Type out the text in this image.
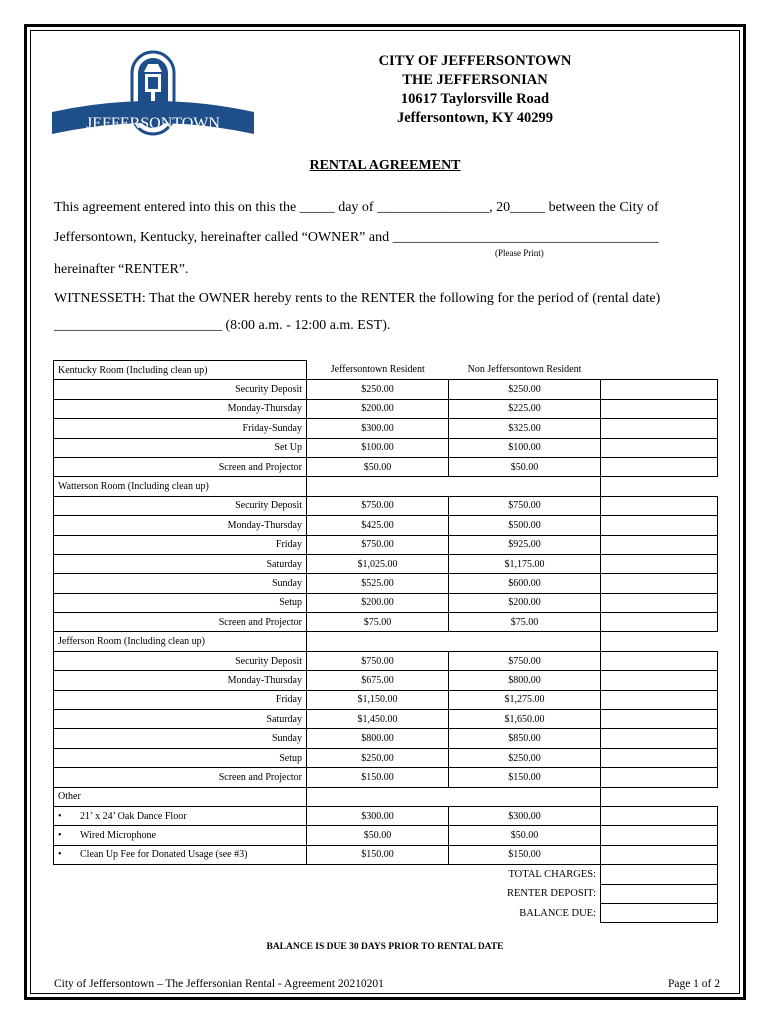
JEFFERSONTOWN
CITY OF JEFFERSONTOWN
THE JEFFERSONIAN
10617 Taylorsville Road
Jeffersontown, KY 40299
RENTAL AGREEMENT
This agreement entered into this on this the _____ day of ________________, 20_____ between the City of
Jeffersontown, Kentucky, hereinafter called “OWNER” and ______________________________________
(Please Print)
hereinafter “RENTER”.
WITNESSETH: That the OWNER hereby rents to the RENTER the following for the period of (rental date)
________________________ (8:00 a.m. - 12:00 a.m. EST).
Kentucky Room (Including clean up)	Jeffersontown Resident	Non Jeffersontown Resident	
Security Deposit	$250.00	$250.00	
Monday-Thursday	$200.00	$225.00	
Friday-Sunday	$300.00	$325.00	
Set Up	$100.00	$100.00	
Screen and Projector	$50.00	$50.00	
Watterson Room (Including clean up)			
Security Deposit	$750.00	$750.00	
Monday-Thursday	$425.00	$500.00	
Friday	$750.00	$925.00	
Saturday	$1,025.00	$1,175.00	
Sunday	$525.00	$600.00	
Setup	$200.00	$200.00	
Screen and Projector	$75.00	$75.00	
Jefferson Room (Including clean up)			
Security Deposit	$750.00	$750.00	
Monday-Thursday	$675.00	$800.00	
Friday	$1,150.00	$1,275.00	
Saturday	$1,450.00	$1,650.00	
Sunday	$800.00	$850.00	
Setup	$250.00	$250.00	
Screen and Projector	$150.00	$150.00	
Other			
• 21’ x 24’ Oak Dance Floor	$300.00	$300.00	
• Wired Microphone	$50.00	$50.00	
• Clean Up Fee for Donated Usage (see #3)	$150.00	$150.00	
TOTAL CHARGES:			
RENTER DEPOSIT:			
BALANCE DUE:			
BALANCE IS DUE 30 DAYS PRIOR TO RENTAL DATE
City of Jeffersontown – The Jeffersonian Rental - Agreement 20210201	Page 1 of 2
